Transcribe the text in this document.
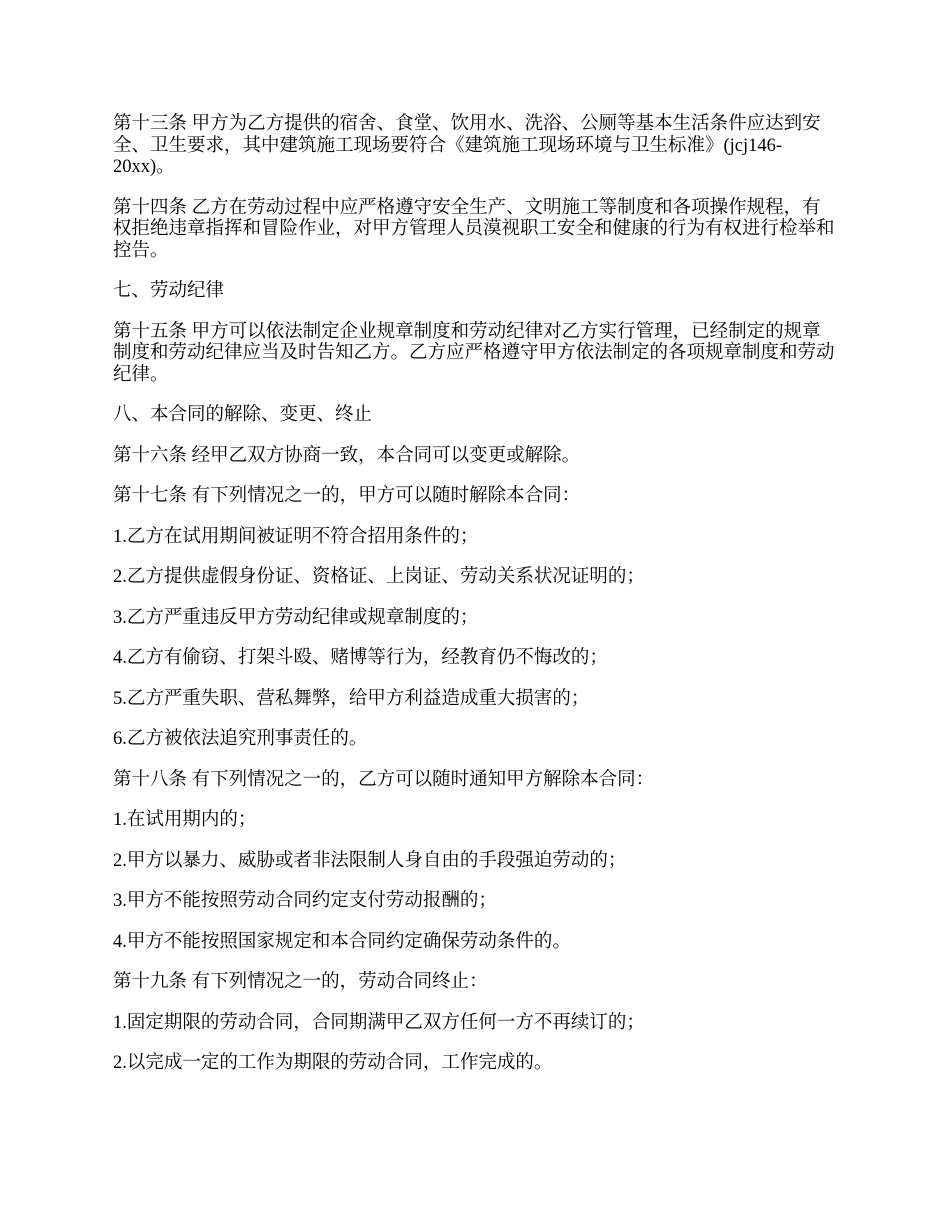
第十三条 甲方为乙方提供的宿舍、食堂、饮用水、洗浴、公厕等基本生活条件应达到安
全、卫生要求，其中建筑施工现场要符合《建筑施工现场环境与卫生标准》(jcj146-
20xx)。

第十四条 乙方在劳动过程中应严格遵守安全生产、文明施工等制度和各项操作规程，有
权拒绝违章指挥和冒险作业，对甲方管理人员漠视职工安全和健康的行为有权进行检举和
控告。

七、劳动纪律

第十五条 甲方可以依法制定企业规章制度和劳动纪律对乙方实行管理，已经制定的规章
制度和劳动纪律应当及时告知乙方。乙方应严格遵守甲方依法制定的各项规章制度和劳动
纪律。

八、本合同的解除、变更、终止

第十六条 经甲乙双方协商一致，本合同可以变更或解除。

第十七条 有下列情况之一的，甲方可以随时解除本合同：

1.乙方在试用期间被证明不符合招用条件的；

2.乙方提供虚假身份证、资格证、上岗证、劳动关系状况证明的；

3.乙方严重违反甲方劳动纪律或规章制度的；

4.乙方有偷窃、打架斗殴、赌博等行为，经教育仍不悔改的；

5.乙方严重失职、营私舞弊，给甲方利益造成重大损害的；

6.乙方被依法追究刑事责任的。

第十八条 有下列情况之一的，乙方可以随时通知甲方解除本合同：

1.在试用期内的；

2.甲方以暴力、威胁或者非法限制人身自由的手段强迫劳动的；

3.甲方不能按照劳动合同约定支付劳动报酬的；

4.甲方不能按照国家规定和本合同约定确保劳动条件的。

第十九条 有下列情况之一的，劳动合同终止：

1.固定期限的劳动合同，合同期满甲乙双方任何一方不再续订的；

2.以完成一定的工作为期限的劳动合同，工作完成的。
